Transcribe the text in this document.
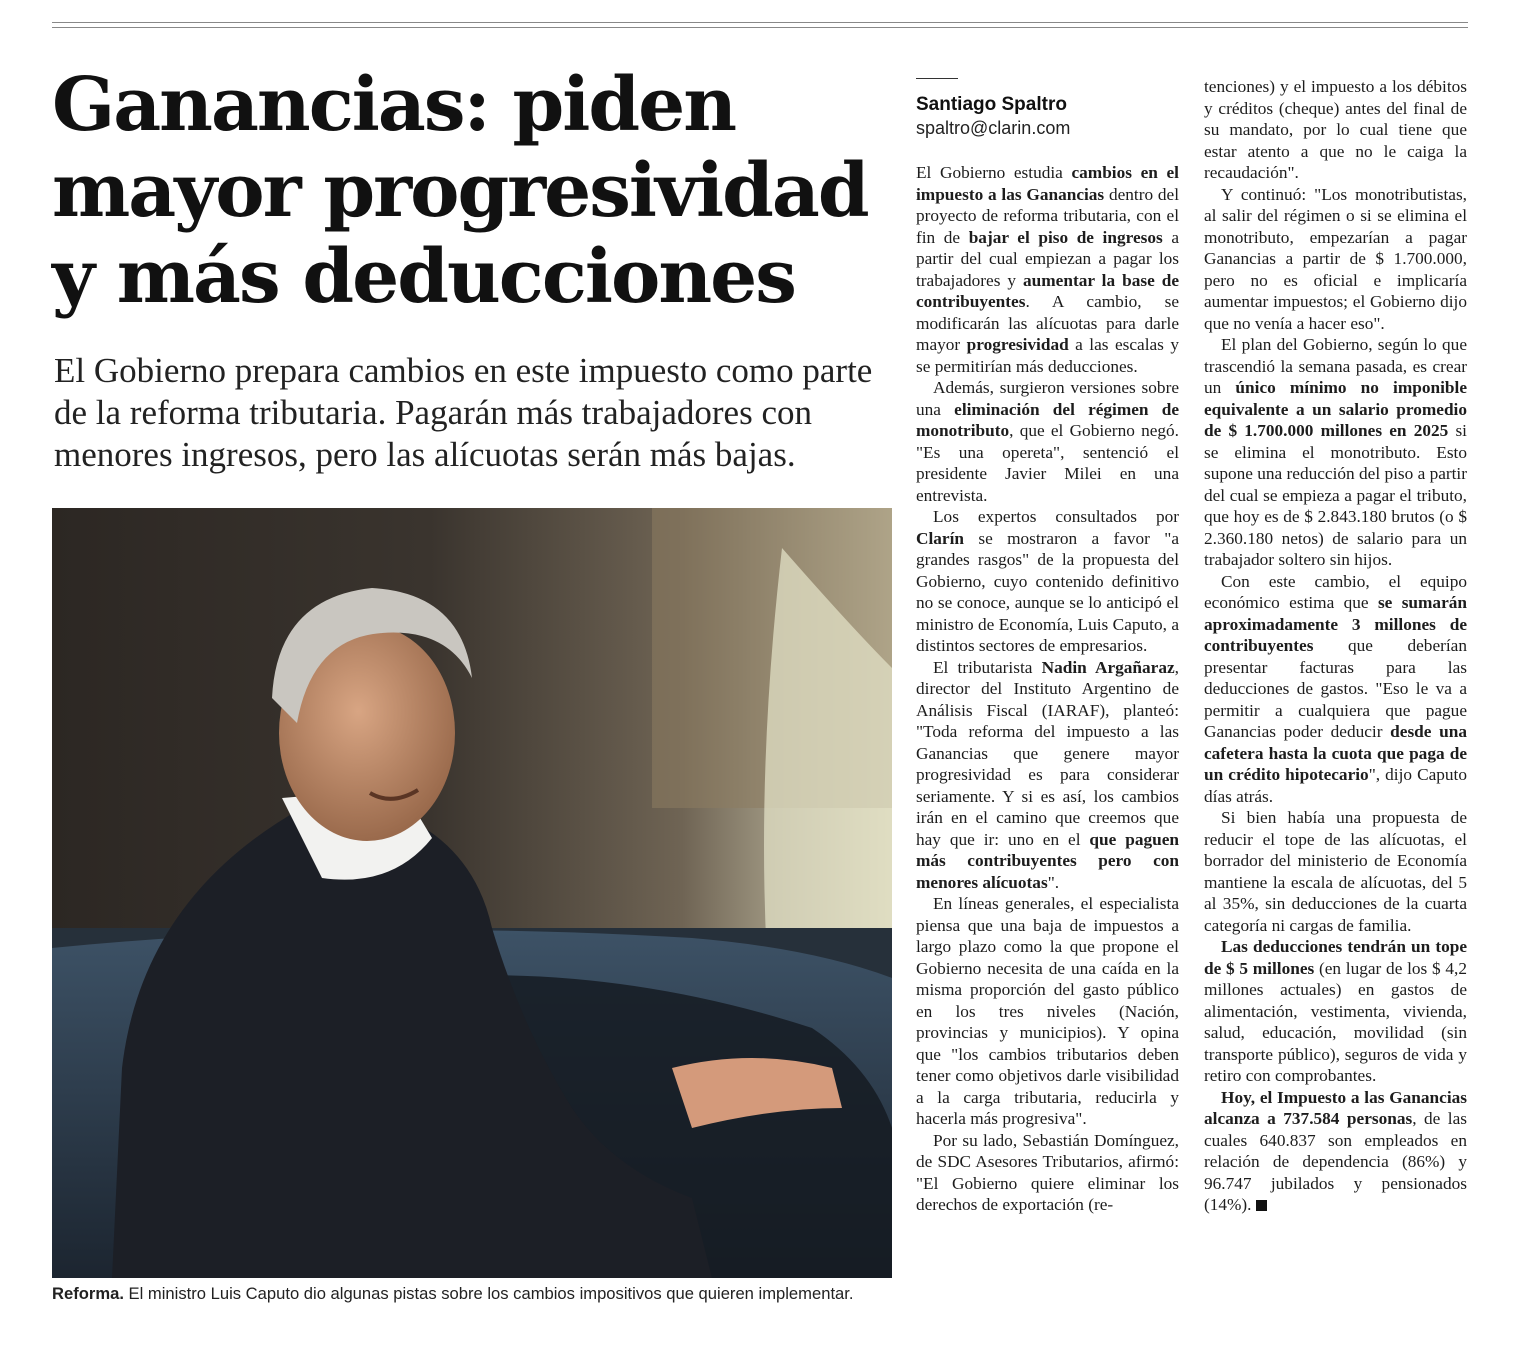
Ganancias: piden mayor progresividad y más deducciones

El Gobierno prepara cambios en este impuesto como parte de la reforma tributaria. Pagarán más trabajadores con menores ingresos, pero las alícuotas serán más bajas.

Reforma. El ministro Luis Caputo dio algunas pistas sobre los cambios impositivos que quieren implementar.
Santiago Spaltro
spaltro@clarin.com

El Gobierno estudia cambios en el impuesto a las Ganancias dentro del proyecto de reforma tributaria, con el fin de bajar el piso de ingresos a partir del cual empiezan a pagar los trabajadores y aumentar la base de contribuyentes. A cambio, se modificarán las alícuotas para darle mayor progresividad a las escalas y se permitirían más deducciones.

Además, surgieron versiones sobre una eliminación del régimen de monotributo, que el Gobierno negó. "Es una opereta", sentenció el presidente Javier Milei en una entrevista.

Los expertos consultados por Clarín se mostraron a favor "a grandes rasgos" de la propuesta del Gobierno, cuyo contenido definitivo no se conoce, aunque se lo anticipó el ministro de Economía, Luis Caputo, a distintos sectores de empresarios.

El tributarista Nadin Argañaraz, director del Instituto Argentino de Análisis Fiscal (IARAF), planteó: "Toda reforma del impuesto a las Ganancias que genere mayor progresividad es para considerar seriamente. Y si es así, los cambios irán en el camino que creemos que hay que ir: uno en el que paguen más contribuyentes pero con menores alícuotas".

En líneas generales, el especialista piensa que una baja de impuestos a largo plazo como la que propone el Gobierno necesita de una caída en la misma proporción del gasto público en los tres niveles (Nación, provincias y municipios). Y opina que "los cambios tributarios deben tener como objetivos darle visibilidad a la carga tributaria, reducirla y hacerla más progresiva".

Por su lado, Sebastián Domínguez, de SDC Asesores Tributarios, afirmó: "El Gobierno quiere eliminar los derechos de exportación (re-

tenciones) y el impuesto a los débitos y créditos (cheque) antes del final de su mandato, por lo cual tiene que estar atento a que no le caiga la recaudación".

Y continuó: "Los monotributistas, al salir del régimen o si se elimina el monotributo, empezarían a pagar Ganancias a partir de $ 1.700.000, pero no es oficial e implicaría aumentar impuestos; el Gobierno dijo que no venía a hacer eso".

El plan del Gobierno, según lo que trascendió la semana pasada, es crear un único mínimo no imponible equivalente a un salario promedio de $ 1.700.000 millones en 2025 si se elimina el monotributo. Esto supone una reducción del piso a partir del cual se empieza a pagar el tributo, que hoy es de $ 2.843.180 brutos (o $ 2.360.180 netos) de salario para un trabajador soltero sin hijos.

Con este cambio, el equipo económico estima que se sumarán aproximadamente 3 millones de contribuyentes que deberían presentar facturas para las deducciones de gastos. "Eso le va a permitir a cualquiera que pague Ganancias poder deducir desde una cafetera hasta la cuota que paga de un crédito hipotecario", dijo Caputo días atrás.

Si bien había una propuesta de reducir el tope de las alícuotas, el borrador del ministerio de Economía mantiene la escala de alícuotas, del 5 al 35%, sin deducciones de la cuarta categoría ni cargas de familia.

Las deducciones tendrán un tope de $ 5 millones (en lugar de los $ 4,2 millones actuales) en gastos de alimentación, vestimenta, vivienda, salud, educación, movilidad (sin transporte público), seguros de vida y retiro con comprobantes.

Hoy, el Impuesto a las Ganancias alcanza a 737.584 personas, de las cuales 640.837 son empleados en relación de dependencia (86%) y 96.747 jubilados y pensionados (14%).
